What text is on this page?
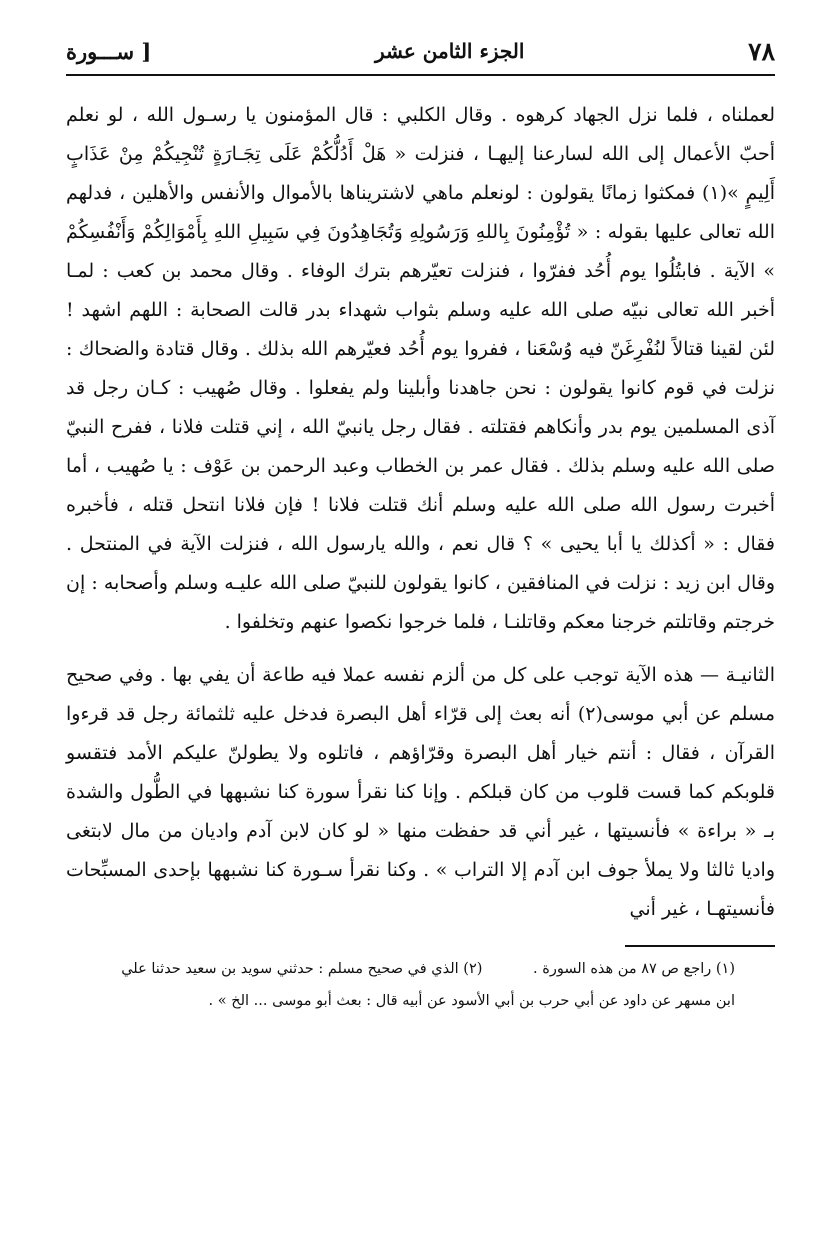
٧٨
الجزء الثامن عشر
[ ســـورة

لعملناه ، فلما نزل الجهاد كرهوه . وقال الكلبي : قال المؤمنون يا رسـول الله ، لو نعلم أحبّ الأعمال إلى الله لسارعنا إليهـا ، فنزلت « هَلْ أَدُلُّكُمْ عَلَى تِجَـارَةٍ تُنْجِيكُمْ مِنْ عَذَابٍ أَلِيمٍ »(١) فمكثوا زمانًا يقولون : لونعلم ماهي لاشتريناها بالأموال والأنفس والأهلين ، فدلهم الله تعالى عليها بقوله : « تُؤْمِنُونَ بِاللهِ وَرَسُولِهِ وَتُجَاهِدُونَ فِي سَبِيلِ اللهِ بِأَمْوَالِكُمْ وَأَنْفُسِكُمْ » الآية . فابتُلُوا يوم أُحُد ففرّوا ، فنزلت تعيّرهم بترك الوفاء . وقال محمد بن كعب : لمـا أخبر الله تعالى نبيّه صلى الله عليه وسلم بثواب شهداء بدر قالت الصحابة : اللهم اشهد ! لئن لقينا قتالاً لنُفْرِغَنّ فيه وُسْعَنا ، ففروا يوم أُحُد فعيّرهم الله بذلك . وقال قتادة والضحاك : نزلت في قوم كانوا يقولون : نحن جاهدنا وأبلينا ولم يفعلوا . وقال صُهيب : كـان رجل قد آذى المسلمين يوم بدر وأنكاهم فقتلته . فقال رجل يانبيّ الله ، إني قتلت فلانا ، ففرح النبيّ صلى الله عليه وسلم بذلك . فقال عمر بن الخطاب وعبد الرحمن بن عَوْف : يا صُهيب ، أما أخبرت رسول الله صلى الله عليه وسلم أنك قتلت فلانا ! فإن فلانا انتحل قتله ، فأخبره فقال : « أكذلك يا أبا يحيى » ؟ قال نعم ، والله يارسول الله ، فنزلت الآية في المنتحل . وقال ابن زيد : نزلت في المنافقين ، كانوا يقولون للنبيّ صلى الله عليـه وسلم وأصحابه : إن خرجتم وقاتلتم خرجنا معكم وقاتلنـا ، فلما خرجوا نكصوا عنهم وتخلفوا .

الثانيـة — هذه الآية توجب على كل من ألزم نفسه عملا فيه طاعة أن يفي بها . وفي صحيح مسلم عن أبي موسى(٢) أنه بعث إلى قرّاء أهل البصرة فدخل عليه ثلثمائة رجل قد قرءوا القرآن ، فقال : أنتم خيار أهل البصرة وقرّاؤهم ، فاتلوه ولا يطولنّ عليكم الأمد فتقسو قلوبكم كما قست قلوب من كان قبلكم . وإنا كنا نقرأ سورة كنا نشبهها في الطُّول والشدة بـ « براءة » فأنسيتها ، غير أني قد حفظت منها « لو كان لابن آدم واديان من مال لابتغى واديا ثالثا ولا يملأ جوف ابن آدم إلا التراب » . وكنا نقرأ سـورة كنا نشبهها بإحدى المسبِّحات فأنسيتهـا ، غير أني

(١) راجع ص ٨٧ من هذه السورة . (٢) الذي في صحيح مسلم : حدثني سويد بن سعيد حدثنا علي

ابن مسهر عن داود عن أبي حرب بن أبي الأسود عن أبيه قال : بعث أبو موسى ... الخ » .
